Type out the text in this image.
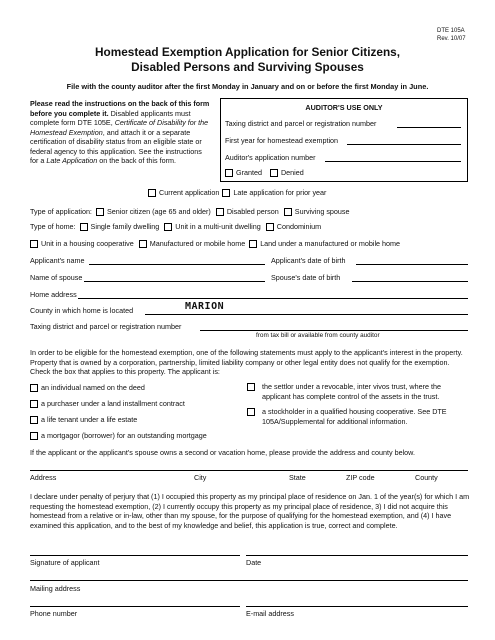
DTE 105A
Rev. 10/07
Homestead Exemption Application for Senior Citizens,
Disabled Persons and Surviving Spouses
File with the county auditor after the first Monday in January and on or before the first Monday in June.
Please read the instructions on the back of this form before you complete it. Disabled applicants must complete form DTE 105E, Certificate of Disability for the Homestead Exemption, and attach it or a separate certification of disability status from an eligible state or federal agency to this application. See the instructions for a Late Application on the back of this form.
AUDITOR'S USE ONLY
Taxing district and parcel or registration number
First year for homestead exemption
Auditor's application number
Granted	Denied
Current application Late application for prior year
Type of application: Senior citizen (age 65 and older) Disabled person Surviving spouse
Type of home: Single family dwelling Unit in a multi-unit dwelling Condominium
Unit in a housing cooperative Manufactured or mobile home Land under a manufactured or mobile home
Applicant's name	Applicant's date of birth
Name of spouse	Spouse's date of birth
Home address
County in which home is located	MARION
Taxing district and parcel or registration number
from tax bill or available from county auditor
In order to be eligible for the homestead exemption, one of the following statements must apply to the applicant's interest in the property. Property that is owned by a corporation, partnership, limited liability company or other legal entity does not qualify for the exemption. Check the box that applies to this property. The applicant is:
an individual named on the deed
a purchaser under a land installment contract
a life tenant under a life estate
a mortgagor (borrower) for an outstanding mortgage
the settlor under a revocable, inter vivos trust, where the applicant has complete control of the assets in the trust.
a stockholder in a qualified housing cooperative. See DTE 105A/Supplemental for additional information.
If the applicant or the applicant's spouse owns a second or vacation home, please provide the address and county below.
Address	City	State	ZIP code	County
I declare under penalty of perjury that (1) I occupied this property as my principal place of residence on Jan. 1 of the year(s) for which I am requesting the homestead exemption, (2) I currently occupy this property as my principal place of residence, 3) I did not acquire this homestead from a relative or in-law, other than my spouse, for the purpose of qualifying for the homestead exemption, and (4) I have examined this application, and to the best of my knowledge and belief, this application is true, correct and complete.
Signature of applicant	Date
Mailing address
Phone number	E-mail address
